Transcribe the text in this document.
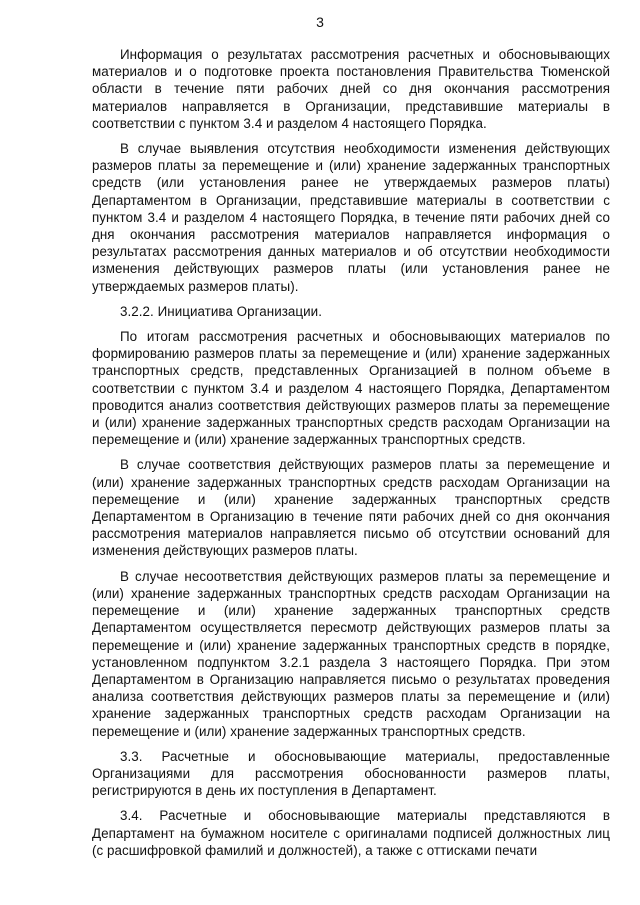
3

Информация о результатах рассмотрения расчетных и обосновывающих материалов и о подготовке проекта постановления Правительства Тюменской области в течение пяти рабочих дней со дня окончания рассмотрения материалов направляется в Организации, представившие материалы в соответствии с пунктом 3.4 и разделом 4 настоящего Порядка.

В случае выявления отсутствия необходимости изменения действующих размеров платы за перемещение и (или) хранение задержанных транспортных средств (или установления ранее не утверждаемых размеров платы) Департаментом в Организации, представившие материалы в соответствии с пунктом 3.4 и разделом 4 настоящего Порядка, в течение пяти рабочих дней со дня окончания рассмотрения материалов направляется информация о результатах рассмотрения данных материалов и об отсутствии необходимости изменения действующих размеров платы (или установления ранее не утверждаемых размеров платы).

3.2.2. Инициатива Организации.

По итогам рассмотрения расчетных и обосновывающих материалов по формированию размеров платы за перемещение и (или) хранение задержанных транспортных средств, представленных Организацией в полном объеме в соответствии с пунктом 3.4 и разделом 4 настоящего Порядка, Департаментом проводится анализ соответствия действующих размеров платы за перемещение и (или) хранение задержанных транспортных средств расходам Организации на перемещение и (или) хранение задержанных транспортных средств.

В случае соответствия действующих размеров платы за перемещение и (или) хранение задержанных транспортных средств расходам Организации на перемещение и (или) хранение задержанных транспортных средств Департаментом в Организацию в течение пяти рабочих дней со дня окончания рассмотрения материалов направляется письмо об отсутствии оснований для изменения действующих размеров платы.

В случае несоответствия действующих размеров платы за перемещение и (или) хранение задержанных транспортных средств расходам Организации на перемещение и (или) хранение задержанных транспортных средств Департаментом осуществляется пересмотр действующих размеров платы за перемещение и (или) хранение задержанных транспортных средств в порядке, установленном подпунктом 3.2.1 раздела 3 настоящего Порядка. При этом Департаментом в Организацию направляется письмо о результатах проведения анализа соответствия действующих размеров платы за перемещение и (или) хранение задержанных транспортных средств расходам Организации на перемещение и (или) хранение задержанных транспортных средств.

3.3. Расчетные и обосновывающие материалы, предоставленные Организациями для рассмотрения обоснованности размеров платы, регистрируются в день их поступления в Департамент.

3.4. Расчетные и обосновывающие материалы представляются в Департамент на бумажном носителе с оригиналами подписей должностных лиц (с расшифровкой фамилий и должностей), а также с оттисками печати
